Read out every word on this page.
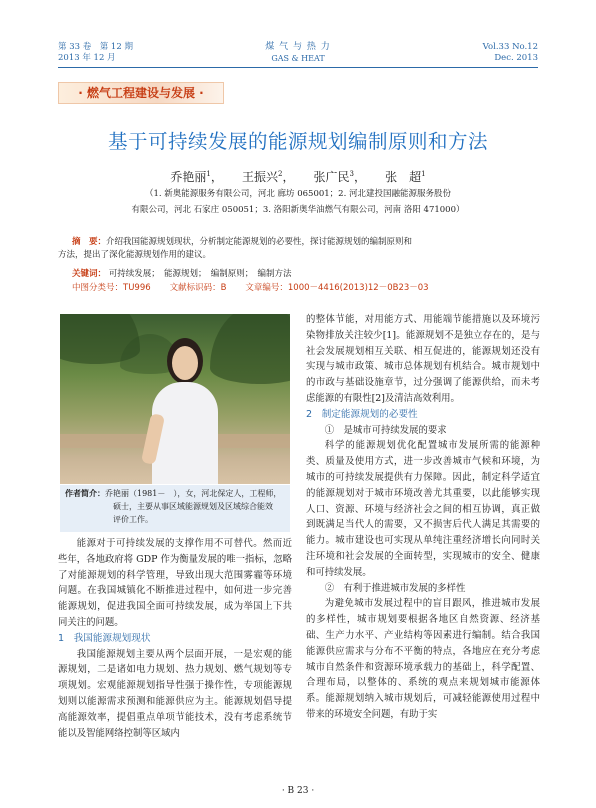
第 33 卷　第 12 期
2013 年 12 月
煤 气 与 热 力
GAS & HEAT
Vol.33 No.12
Dec. 2013
· 燃气工程建设与发展 ·
基于可持续发展的能源规划编制原则和方法
乔艳丽$^1$，     王振兴$^2$，     张广民$^3$，     张　超$^1$
（1. 新奥能源服务有限公司，河北 廊坊 065001；2. 河北建投国融能源服务股份
有限公司，河北 石家庄 050051；3. 洛阳新奥华油燃气有限公司，河南 洛阳 471000）
摘　要：介绍我国能源规划现状，分析制定能源规划的必要性，探讨能源规划的编制原则和
方法，提出了深化能源规划作用的建议。
关键词： 可持续发展；　能源规划；　编制原则；　编制方法
中图分类号：TU996 文献标识码：B 文章编号：1000－4416(2013)12－0B23－03
作者简介：乔艳丽（1981－　），女，河北保定人，工程师，
硕士，主要从事区域能源规划及区域综合能效
评价工作。

能源对于可持续发展的支撑作用不可替代。然而近些年，各地政府将 GDP 作为衡量发展的唯一指标，忽略了对能源规划的科学管理，导致出现大范围雾霾等环境问题。在我国城镇化不断推进过程中，如何进一步完善能源规划，促进我国全面可持续发展，成为举国上下共同关注的问题。

1　我国能源规划现状

我国能源规划主要从两个层面开展，一是宏观的能源规划，二是诸如电力规划、热力规划、燃气规划等专项规划。宏观能源规划指导性强于操作性，专项能源规划则以能源需求预测和能源供应为主。能源规划倡导提高能源效率，提倡重点单项节能技术，没有考虑系统节能以及智能网络控制等区域内

的整体节能，对用能方式、用能端节能措施以及环境污染物排放关注较少[1]。能源规划不是独立存在的，是与社会发展规划相互关联、相互促进的，能源规划还没有实现与城市政策、城市总体规划有机结合。城市规划中的市政与基础设施章节，过分强调了能源供给，而未考虑能源的有限性[2]及清洁高效利用。

2　制定能源规划的必要性

①　是城市可持续发展的要求

科学的能源规划优化配置城市发展所需的能源种类、质量及使用方式，进一步改善城市气候和环境，为城市的可持续发展提供有力保障。因此，制定科学适宜的能源规划对于城市环境改善尤其重要，以此能够实现人口、资源、环境与经济社会之间的相互协调，真正做到既满足当代人的需要，又不损害后代人满足其需要的能力。城市建设也可实现从单纯注重经济增长向同时关注环境和社会发展的全面转型，实现城市的安全、健康和可持续发展。

②　有利于推进城市发展的多样性

为避免城市发展过程中的盲目跟风，推进城市发展的多样性，城市规划要根据各地区自然资源、经济基础、生产力水平、产业结构等因素进行编制。结合我国能源供应需求与分布不平衡的特点，各地应在充分考虑城市自然条件和资源环境承载力的基础上，科学配置、合理布局，以整体的、系统的观点来规划城市能源体系。能源规划纳入城市规划后，可减轻能源使用过程中带来的环境安全问题，有助于实

· B 23 ·
